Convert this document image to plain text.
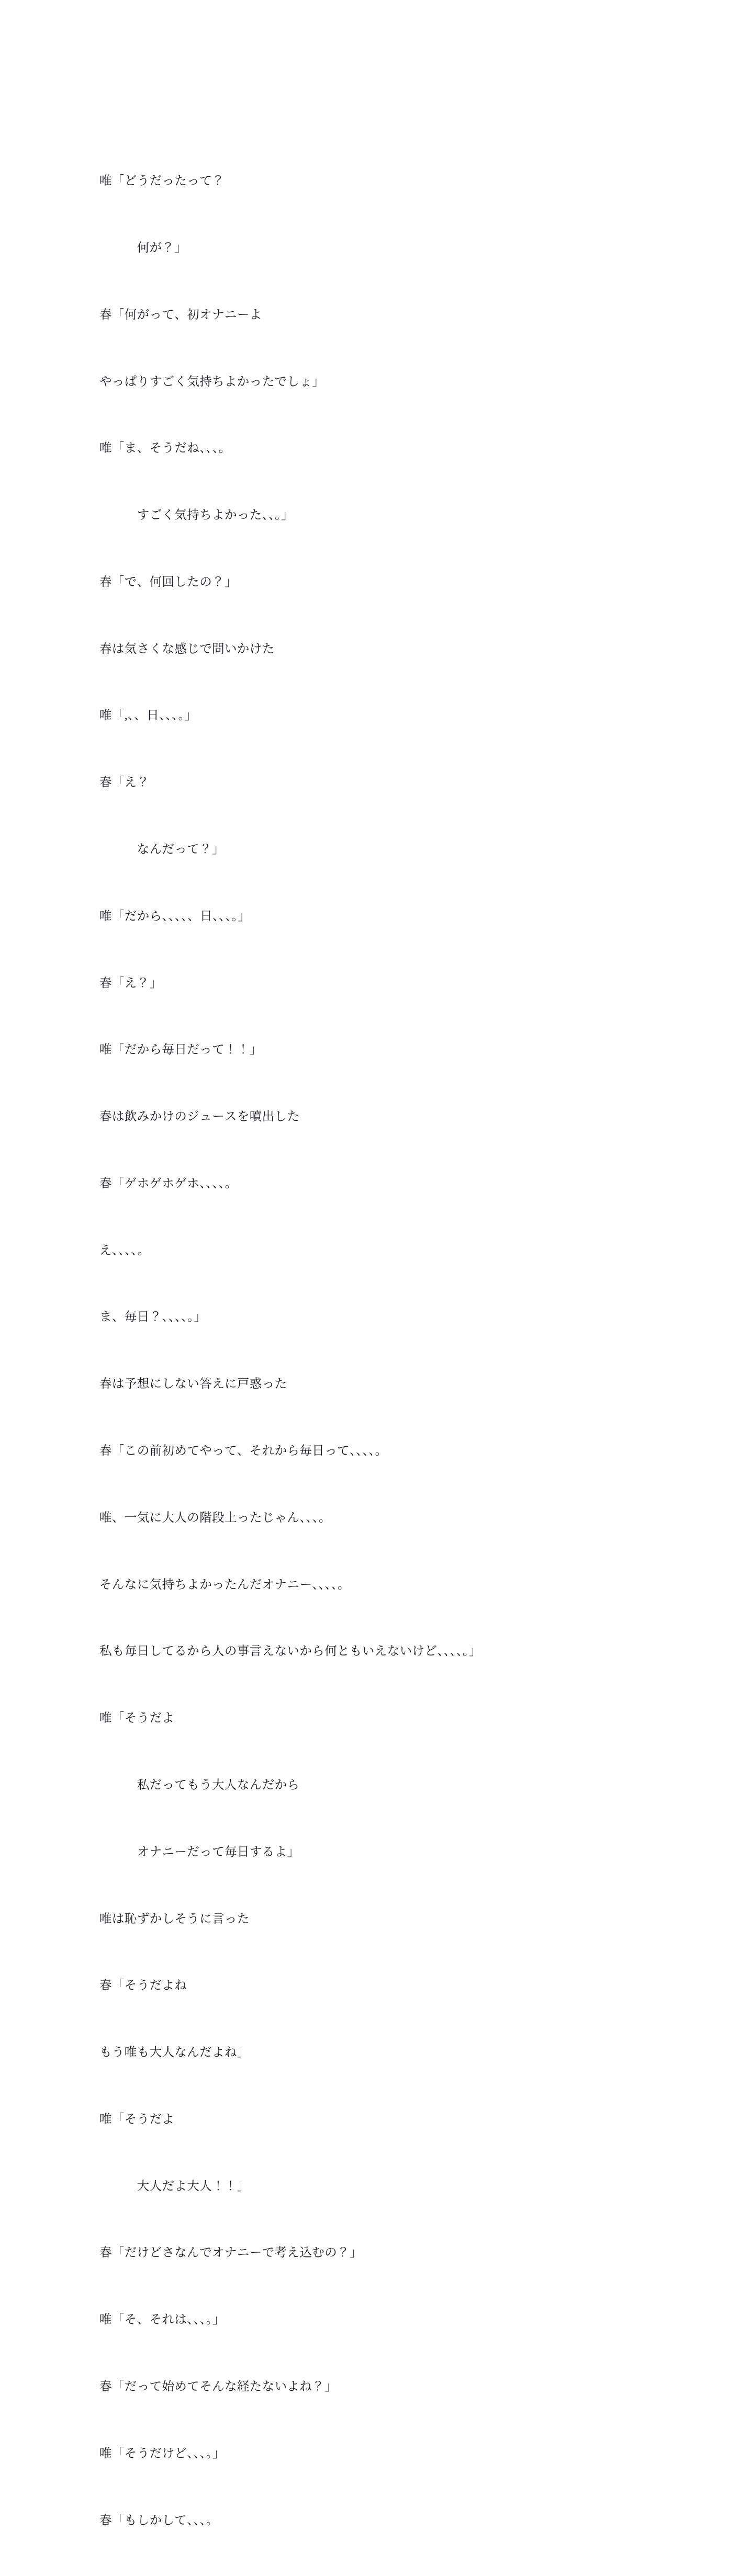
唯「どうだったって？

　　　何が？」

春「何がって、初オナニーよ

やっぱりすごく気持ちよかったでしょ」

唯「ま、そうだね、、、。

　　　すごく気持ちよかった、、。」

春「で、何回したの？」

春は気さくな感じで問いかけた

唯「,、、日、、、。」

春「え？

　　　なんだって？」

唯「だから、、、、、日、、、。」

春「え？」

唯「だから毎日だって！！」

春は飲みかけのジュースを噴出した

春「ゲホゲホゲホ、、、、。

え、、、、。

ま、毎日？、、、、。」

春は予想にしない答えに戸惑った

春「この前初めてやって、それから毎日って、、、、。

唯、一気に大人の階段上ったじゃん、、、。

そんなに気持ちよかったんだオナニー、、、、。

私も毎日してるから人の事言えないから何ともいえないけど、、、、。」

唯「そうだよ

　　　私だってもう大人なんだから

　　　オナニーだって毎日するよ」

唯は恥ずかしそうに言った

春「そうだよね

もう唯も大人なんだよね」

唯「そうだよ

　　　大人だよ大人！！」

春「だけどさなんでオナニーで考え込むの？」

唯「そ、それは、、、。」

春「だって始めてそんな経たないよね？」

唯「そうだけど、、、。」

春「もしかして、、、。
